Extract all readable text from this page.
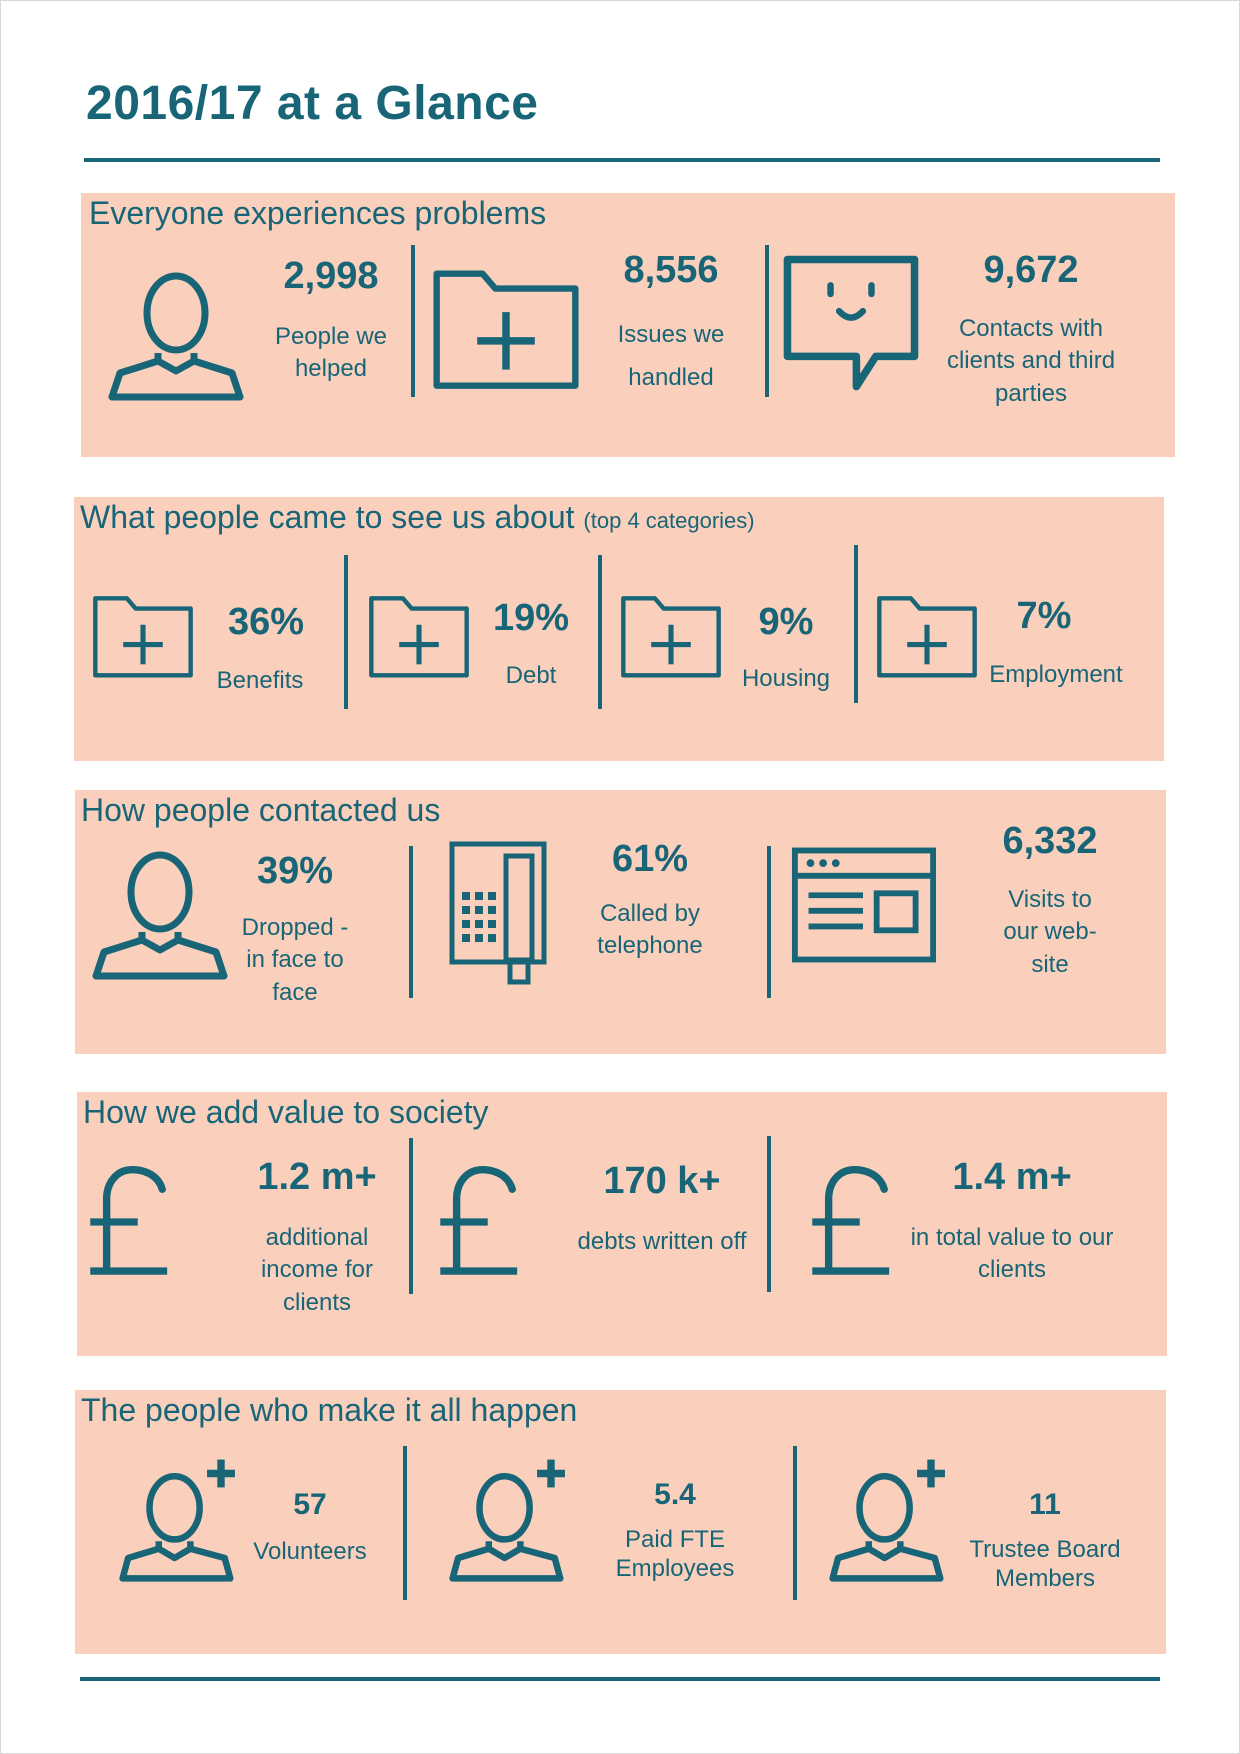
2016/17 at a Glance
Everyone experiences problems
2,998
People we helped
8,556
Issues we handled
9,672
Contacts with clients and third parties
What people came to see us about (top 4 categories)
36%
Benefits
19%
Debt
9%
Housing
7%
Employment
How people contacted us
39%
Dropped -in face to face
61%
Called by telephone
6,332
Visits to our web- site
How we add value to society
1.2 m+
additional income for clients
170 k+
debts written off
1.4 m+
in total value to our clients
The people who make it all happen
57
Volunteers
5.4
Paid FTE Employees
11
Trustee Board Members
